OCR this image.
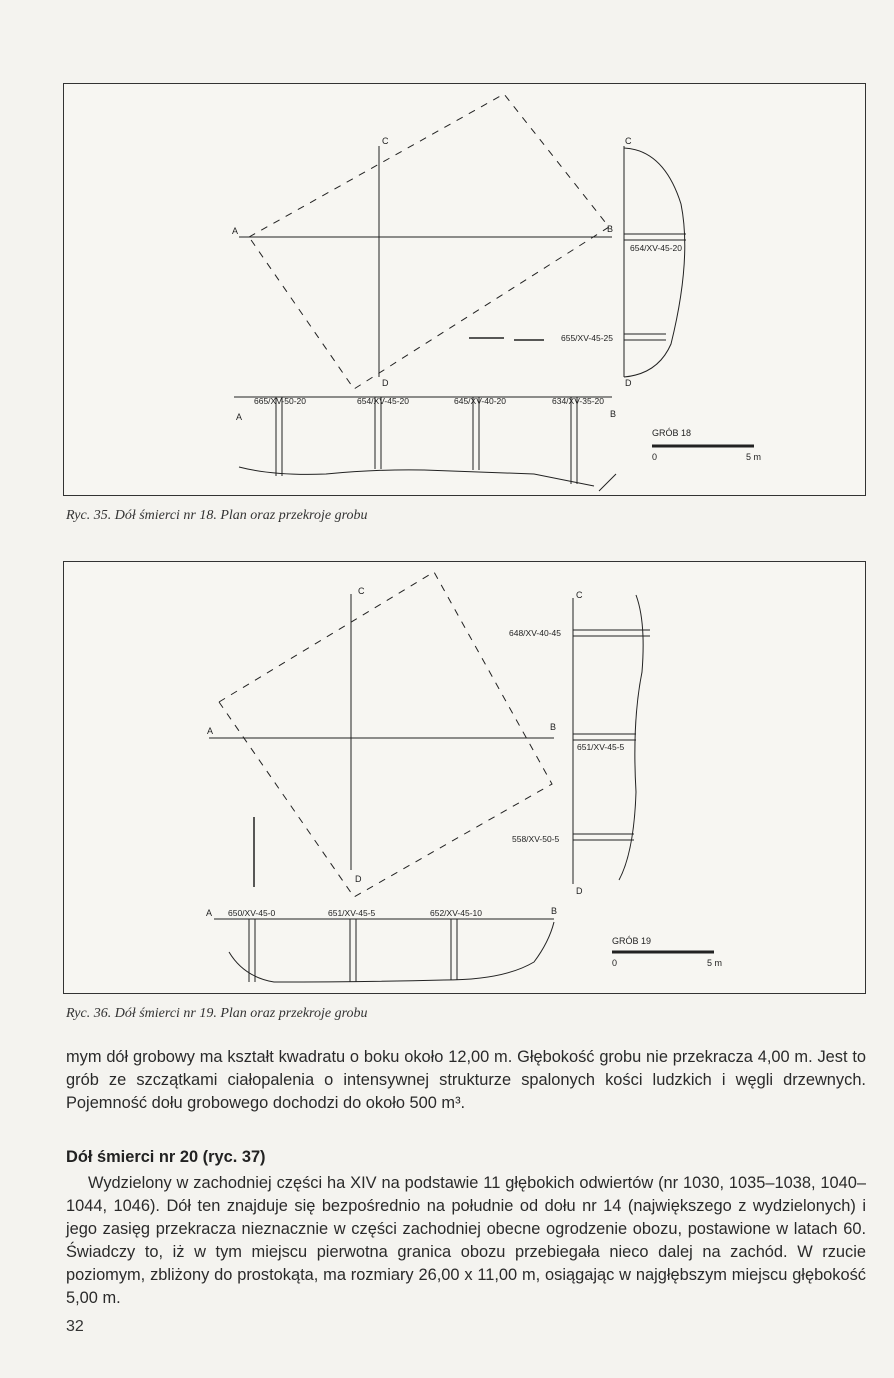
A	B
C
D
C
D
654/XV-45-20
655/XV-45-25
665/XV-50-20	654/XV-45-20	645/XV-40-20	634/XV-35-20
A	B
GRÓB 18
0	5 m
Ryc. 35. Dół śmierci nr 18. Plan oraz przekroje grobu
A	B
C
D
C
D
648/XV-40-45
651/XV-45-5
558/XV-50-5
A	B
650/XV-45-0	651/XV-45-5	652/XV-45-10
GRÓB 19
0	5 m
Ryc. 36. Dół śmierci nr 19. Plan oraz przekroje grobu
mym dół grobowy ma kształt kwadratu o boku około 12,00 m. Głębokość grobu nie przekracza 4,00 m. Jest to grób ze szczątkami ciałopalenia o intensywnej strukturze spalonych kości ludzkich i węgli drzewnych. Pojemność dołu grobowego dochodzi do około 500 m³.
Dół śmierci nr 20 (ryc. 37)
Wydzielony w zachodniej części ha XIV na podstawie 11 głębokich odwiertów (nr 1030, 1035–1038, 1040–1044, 1046). Dół ten znajduje się bezpośrednio na południe od dołu nr 14 (największego z wydzielonych) i jego zasięg przekracza nieznacznie w części zachodniej obecne ogrodzenie obozu, postawione w latach 60. Świadczy to, iż w tym miejscu pierwotna granica obozu przebiegała nieco dalej na zachód. W rzucie poziomym, zbliżony do prostokąta, ma rozmiary 26,00 x 11,00 m, osiągając w najgłębszym miejscu głębokość 5,00 m.
32
